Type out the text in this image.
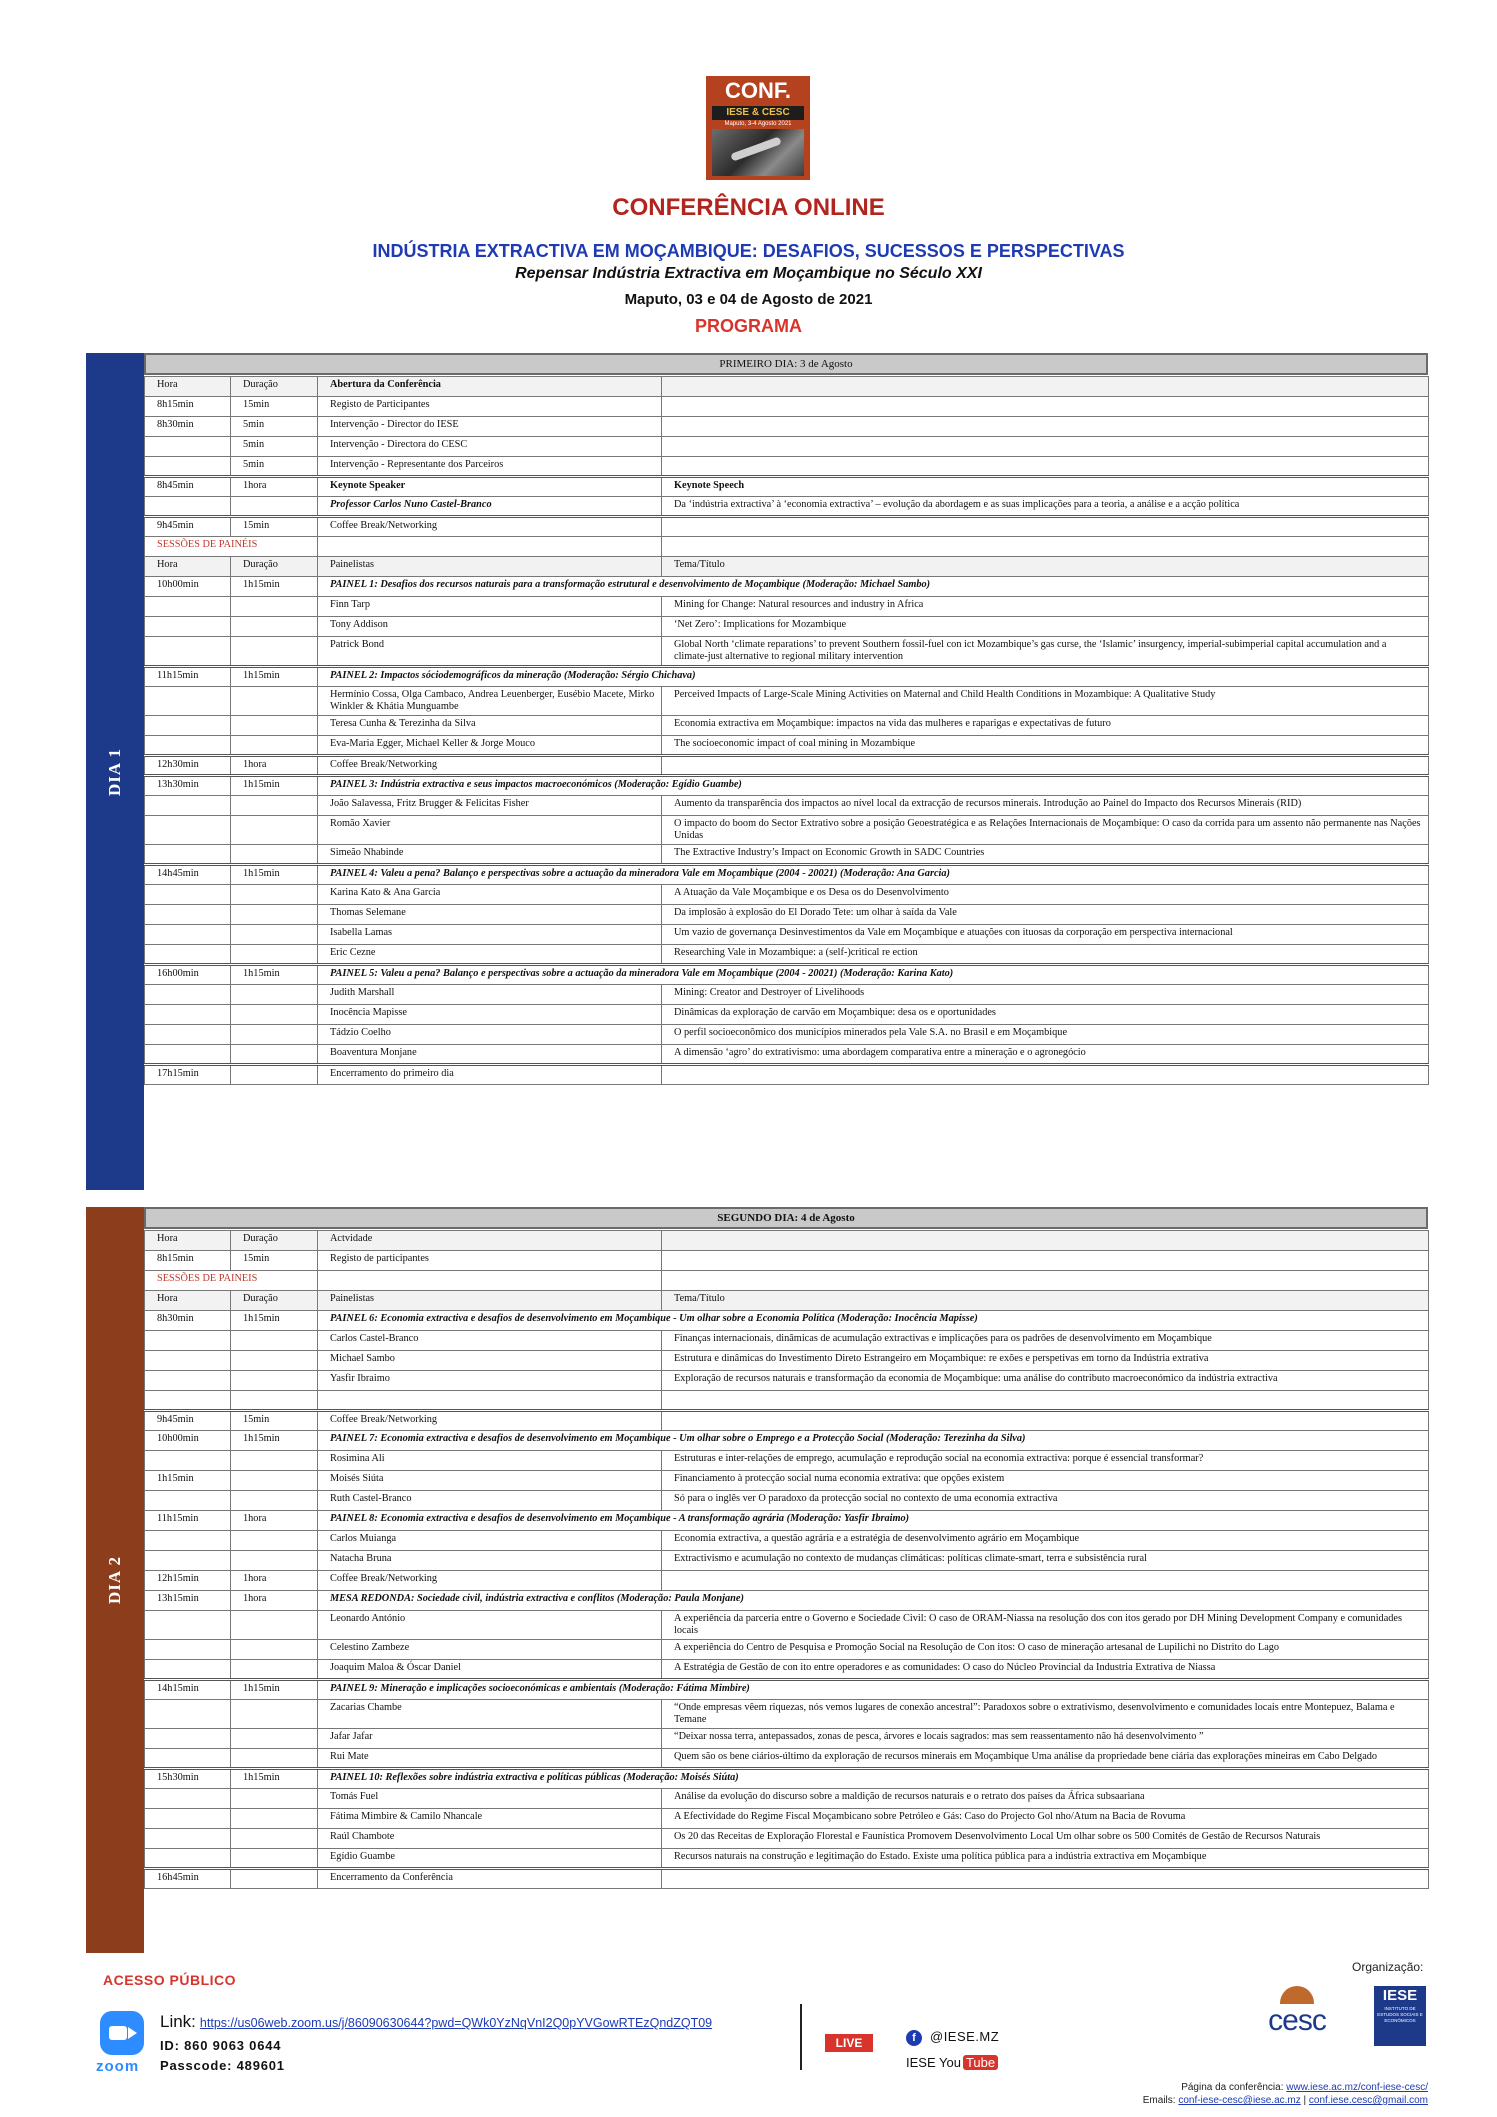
CONF.
IESE & CESC
Maputo, 3-4 Agosto 2021
CONFERÊNCIA ONLINE
INDÚSTRIA EXTRACTIVA EM MOÇAMBIQUE: DESAFIOS, SUCESSOS E PERSPECTIVAS
Repensar Indústria Extractiva em Moçambique no Século XXI
Maputo, 03 e 04 de Agosto de 2021
PROGRAMA
DIA 1
PRIMEIRO DIA: 3 de Agosto
Hora	Duração	Abertura da Conferência	
8h15min	15min	Registo de Participantes	
8h30min	5min	Intervenção - Director do IESE	
	5min	Intervenção - Directora do CESC	
	5min	Intervenção - Representante dos Parceiros	
8h45min	1hora	Keynote Speaker	Keynote Speech
		Professor Carlos Nuno Castel-Branco	Da ‘indústria extractiva’ à ‘economia extractiva’ – evolução da abordagem e as suas implicações para a teoria, a análise e a acção política
9h45min	15min	Coffee Break/Networking	
SESSÕES DE PAINÉIS			
Hora	Duração	Painelistas	Tema/Título
10h00min	1h15min	PAINEL 1: Desafios dos recursos naturais para a transformação estrutural e desenvolvimento de Moçambique (Moderação: Michael Sambo)	
		Finn Tarp	Mining for Change: Natural resources and industry in Africa
		Tony Addison	‘Net Zero’: Implications for Mozambique
		Patrick Bond	Global North ‘climate reparations’ to prevent Southern fossil-fuel con ict Mozambique’s gas curse, the ‘Islamic’ insurgency, imperial-subimperial capital accumulation and a climate-just alternative to regional military intervention
11h15min	1h15min	PAINEL 2: Impactos sóciodemográficos da mineração (Moderação: Sérgio Chichava)	
		Hermínio Cossa, Olga Cambaco, Andrea Leuenberger, Eusébio Macete, Mirko Winkler & Khátia Munguambe	Perceived Impacts of Large-Scale Mining Activities on Maternal and Child Health Conditions in Mozambique: A Qualitative Study
		Teresa Cunha & Terezinha da Silva	Economia extractiva em Moçambique: impactos na vida das mulheres e raparigas e expectativas de futuro
		Eva-Maria Egger, Michael Keller & Jorge Mouco	The socioeconomic impact of coal mining in Mozambique
12h30min	1hora	Coffee Break/Networking	
13h30min	1h15min	PAINEL 3: Indústria extractiva e seus impactos macroeconómicos (Moderação: Egídio Guambe)	
		João Salavessa, Fritz Brugger & Felicitas Fisher	Aumento da transparência dos impactos ao nível local da extracção de recursos minerais. Introdução ao Painel do Impacto dos Recursos Minerais (RID)
		Romão Xavier	O impacto do boom do Sector Extrativo sobre a posição Geoestratégica e as Relações Internacionais de Moçambique: O caso da corrida para um assento não permanente nas Nações Unidas
		Simeão Nhabinde	The Extractive Industry’s Impact on Economic Growth in SADC Countries
14h45min	1h15min	PAINEL 4: Valeu a pena? Balanço e perspectivas sobre a actuação da mineradora Vale em Moçambique (2004 - 20021) (Moderação: Ana Garcia)	
		Karina Kato & Ana Garcia	A Atuação da Vale Moçambique e os Desa os do Desenvolvimento
		Thomas Selemane	Da implosão à explosão do El Dorado Tete: um olhar à saída da Vale
		Isabella Lamas	Um vazio de governança Desinvestimentos da Vale em Moçambique e atuações con ituosas da corporação em perspectiva internacional
		Eric Cezne	Researching Vale in Mozambique: a (self-)critical re ection
16h00min	1h15min	PAINEL 5: Valeu a pena? Balanço e perspectivas sobre a actuação da mineradora Vale em Moçambique (2004 - 20021) (Moderação: Karina Kato)	
		Judith Marshall	Mining: Creator and Destroyer of Livelihoods
		Inocência Mapisse	Dinâmicas da exploração de carvão em Moçambique: desa os e oportunidades
		Tádzio Coelho	O perfil socioeconômico dos municípios minerados pela Vale S.A. no Brasil e em Moçambique
		Boaventura Monjane	A dimensão ‘agro’ do extrativismo: uma abordagem comparativa entre a mineração e o agronegócio
17h15min		Encerramento do primeiro dia	
DIA 2
SEGUNDO DIA: 4 de Agosto
Hora	Duração	Actvidade	
8h15min	15min	Registo de participantes	
SESSÕES DE PAINEIS			
Hora	Duração	Painelistas	Tema/Título
8h30min	1h15min	PAINEL 6: Economia extractiva e desafios de desenvolvimento em Moçambique - Um olhar sobre a Economia Política (Moderação: Inocência Mapisse)	
		Carlos Castel-Branco	Finanças internacionais, dinâmicas de acumulação extractivas e implicações para os padrões de desenvolvimento em Moçambique
		Michael Sambo	Estrutura e dinâmicas do Investimento Direto Estrangeiro em Moçambique: re exões e perspetivas em torno da Indústria extrativa
		Yasfir Ibraimo	Exploração de recursos naturais e transformação da economia de Moçambique: uma análise do contributo macroeconómico da indústria extractiva

9h45min	15min	Coffee Break/Networking	
10h00min	1h15min	PAINEL 7: Economia extractiva e desafios de desenvolvimento em Moçambique - Um olhar sobre o Emprego e a Protecção Social (Moderação: Terezinha da Silva)	
		Rosimina Ali	Estruturas e inter-relações de emprego, acumulação e reprodução social na economia extractiva: porque é essencial transformar?
1h15min		Moisés Siúta	Financiamento à protecção social numa economia extrativa: que opções existem
		Ruth Castel-Branco	Só para o inglês ver O paradoxo da protecção social no contexto de uma economia extractiva
11h15min	1hora	PAINEL 8: Economia extractiva e desafios de desenvolvimento em Moçambique - A transformação agrária (Moderação: Yasfir Ibraimo)	
		Carlos Muianga	Economia extractiva, a questão agrária e a estratégia de desenvolvimento agrário em Moçambique
		Natacha Bruna	Extractivismo e acumulação no contexto de mudanças climáticas: políticas climate-smart, terra e subsistência rural
12h15min	1hora	Coffee Break/Networking	
13h15min	1hora	MESA REDONDA: Sociedade civil, indústria extractiva e conflitos (Moderação: Paula Monjane)	
		Leonardo António	A experiência da parceria entre o Governo e Sociedade Civil: O caso de ORAM-Niassa na resolução dos con itos gerado por DH Mining Development Company e comunidades locais
		Celestino Zambeze	A experiência do Centro de Pesquisa e Promoção Social na Resolução de Con itos: O caso de mineração artesanal de Lupilichi no Distrito do Lago
		Joaquim Maloa & Óscar Daniel	A Estratégia de Gestão de con ito entre operadores e as comunidades: O caso do Núcleo Provincial da Industria Extrativa de Niassa
14h15min	1h15min	PAINEL 9: Mineração e implicações socioeconómicas e ambientais (Moderação: Fátima Mimbire)	
		Zacarias Chambe	“Onde empresas vêem riquezas, nós vemos lugares de conexão ancestral”: Paradoxos sobre o extrativismo, desenvolvimento e comunidades locais entre Montepuez, Balama e Temane
		Jafar Jafar	“Deixar nossa terra, antepassados, zonas de pesca, árvores e locais sagrados: mas sem reassentamento não há desenvolvimento ”
		Rui Mate	Quem são os bene ciários-último da exploração de recursos minerais em Moçambique Uma análise da propriedade bene ciária das explorações mineiras em Cabo Delgado
15h30min	1h15min	PAINEL 10: Reflexões sobre indústria extractiva e políticas públicas (Moderação: Moisés Siúta)	
		Tomás Fuel	Análise da evolução do discurso sobre a maldição de recursos naturais e o retrato dos países da África subsaariana
		Fátima Mimbire & Camilo Nhancale	A Efectividade do Regime Fiscal Moçambicano sobre Petróleo e Gás: Caso do Projecto Gol nho/Atum na Bacia de Rovuma
		Raúl Chambote	Os 20 das Receitas de Exploração Florestal e Faunística Promovem Desenvolvimento Local Um olhar sobre os 500 Comités de Gestão de Recursos Naturais
		Egídio Guambe	Recursos naturais na construção e legitimação do Estado. Existe uma política pública para a indústria extractiva em Moçambique
16h45min		Encerramento da Conferência	
ACESSO PÚBLICO
zoom
Link: https://us06web.zoom.us/j/86090630644?pwd=QWk0YzNqVnI2Q0pYVGowRTEzQndZQT09
ID: 860 9063 0644
Passcode: 489601
LIVE	f	@IESE.MZ
IESE You Tube
Organização:
cesc
IESE
INSTITUTO DE ESTUDOS SOCIAIS E ECONÓMICOS
Página da conferência: www.iese.ac.mz/conf-iese-cesc/
Emails: conf-iese-cesc@iese.ac.mz | conf.iese.cesc@gmail.com
